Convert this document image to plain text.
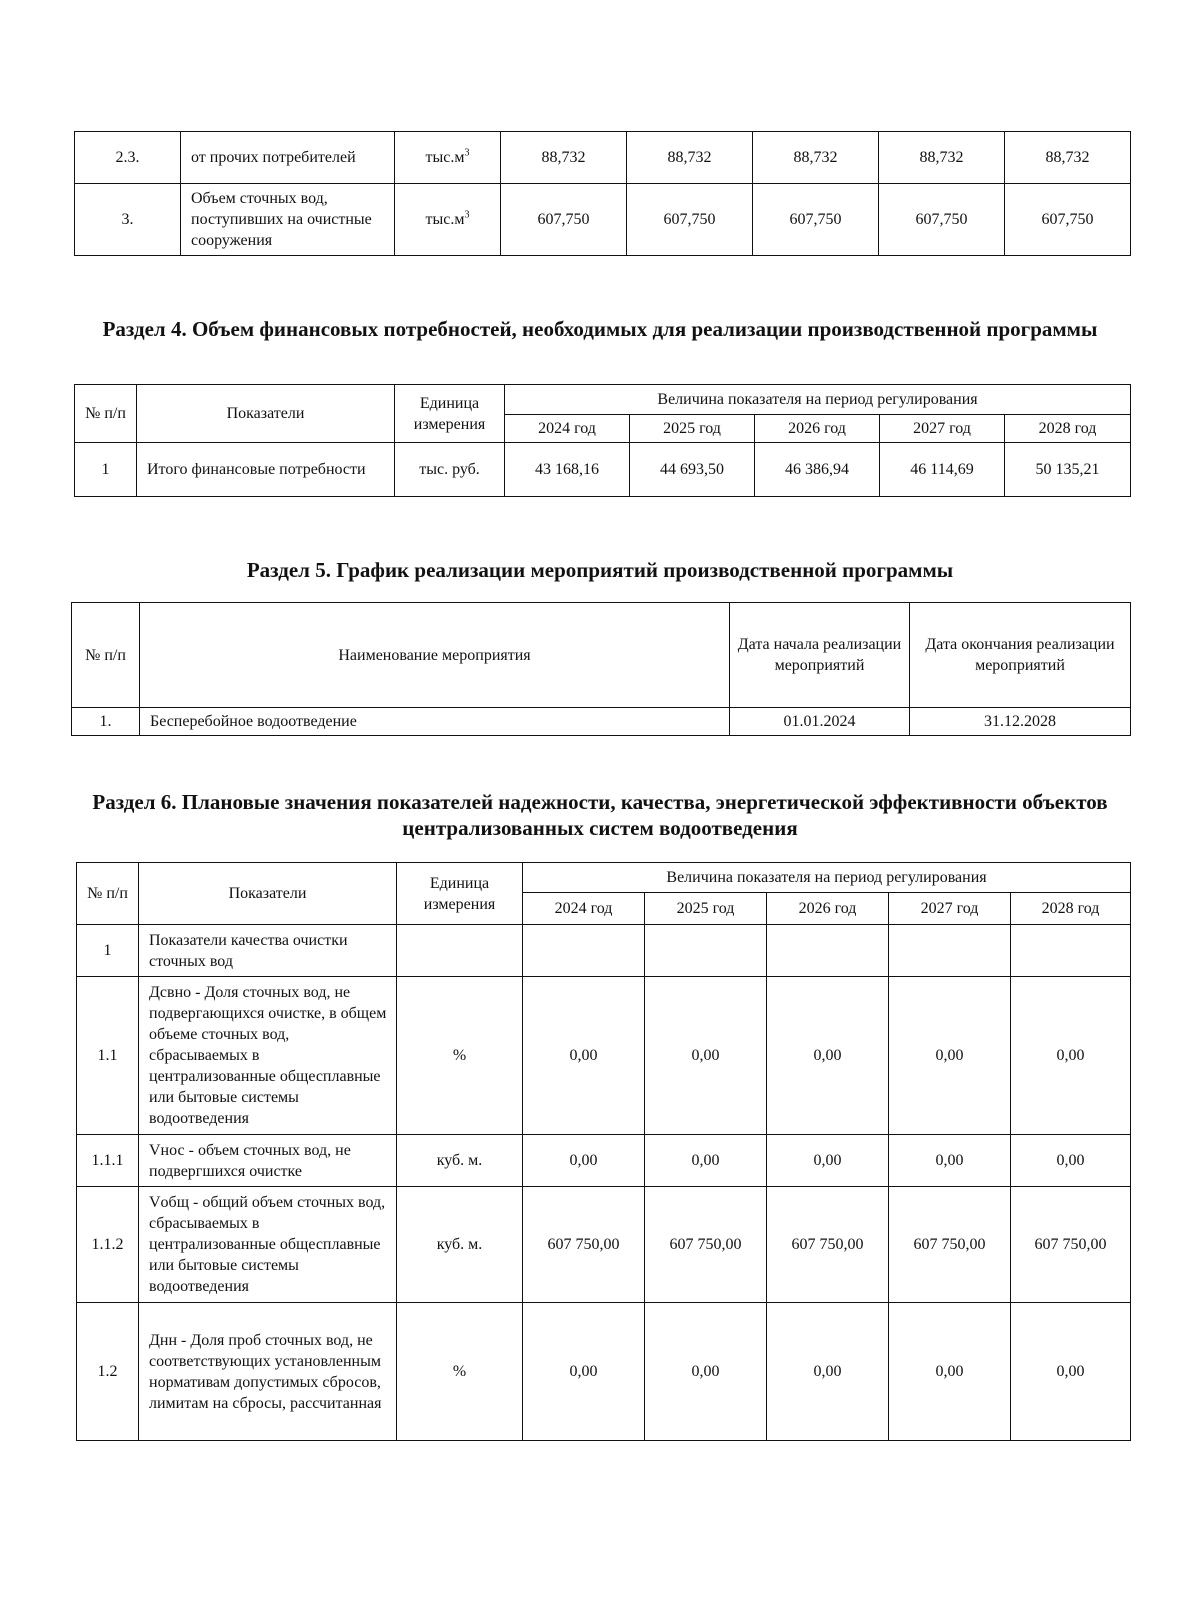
2.3.	от прочих потребителей	$тыс.м^3$	88,732	88,732	88,732	88,732	88,732
3.	Объем сточных вод, поступивших на очистные сооружения	$тыс.м^3$	607,750	607,750	607,750	607,750	607,750
Раздел 4. Объем финансовых потребностей, необходимых для реализации производственной программы
№ п/п	Показатели	Единица измерения	Величина показателя на период регулирования				
			2024 год	2025 год	2026 год	2027 год	2028 год
1	Итого финансовые потребности	тыс. руб.	43 168,16	44 693,50	46 386,94	46 114,69	50 135,21
Раздел 5. График реализации мероприятий производственной программы
№ п/п	Наименование мероприятия	Дата начала реализации мероприятий	Дата окончания реализации мероприятий
1.	Бесперебойное водоотведение	01.01.2024	31.12.2028
Раздел 6. Плановые значения показателей надежности, качества, энергетической эффективности объектов централизованных систем водоотведения
№ п/п	Показатели	Единица измерения	Величина показателя на период регулирования				
			2024 год	2025 год	2026 год	2027 год	2028 год
1	Показатели качества очистки сточных вод						
1.1	Дсвно - Доля сточных вод, не подвергающихся очистке, в общем объеме сточных вод, сбрасываемых в централизованные общесплавные или бытовые системы водоотведения	%	0,00	0,00	0,00	0,00	0,00
1.1.1	Vнос - объем сточных вод, не подвергшихся очистке	куб. м.	0,00	0,00	0,00	0,00	0,00
1.1.2	Vобщ - общий объем сточных вод, сбрасываемых в централизованные общесплавные или бытовые системы водоотведения	куб. м.	607 750,00	607 750,00	607 750,00	607 750,00	607 750,00
1.2	Днн - Доля проб сточных вод, не соответствующих установленным нормативам допустимых сбросов, лимитам на сбросы, рассчитанная	%	0,00	0,00	0,00	0,00	0,00
